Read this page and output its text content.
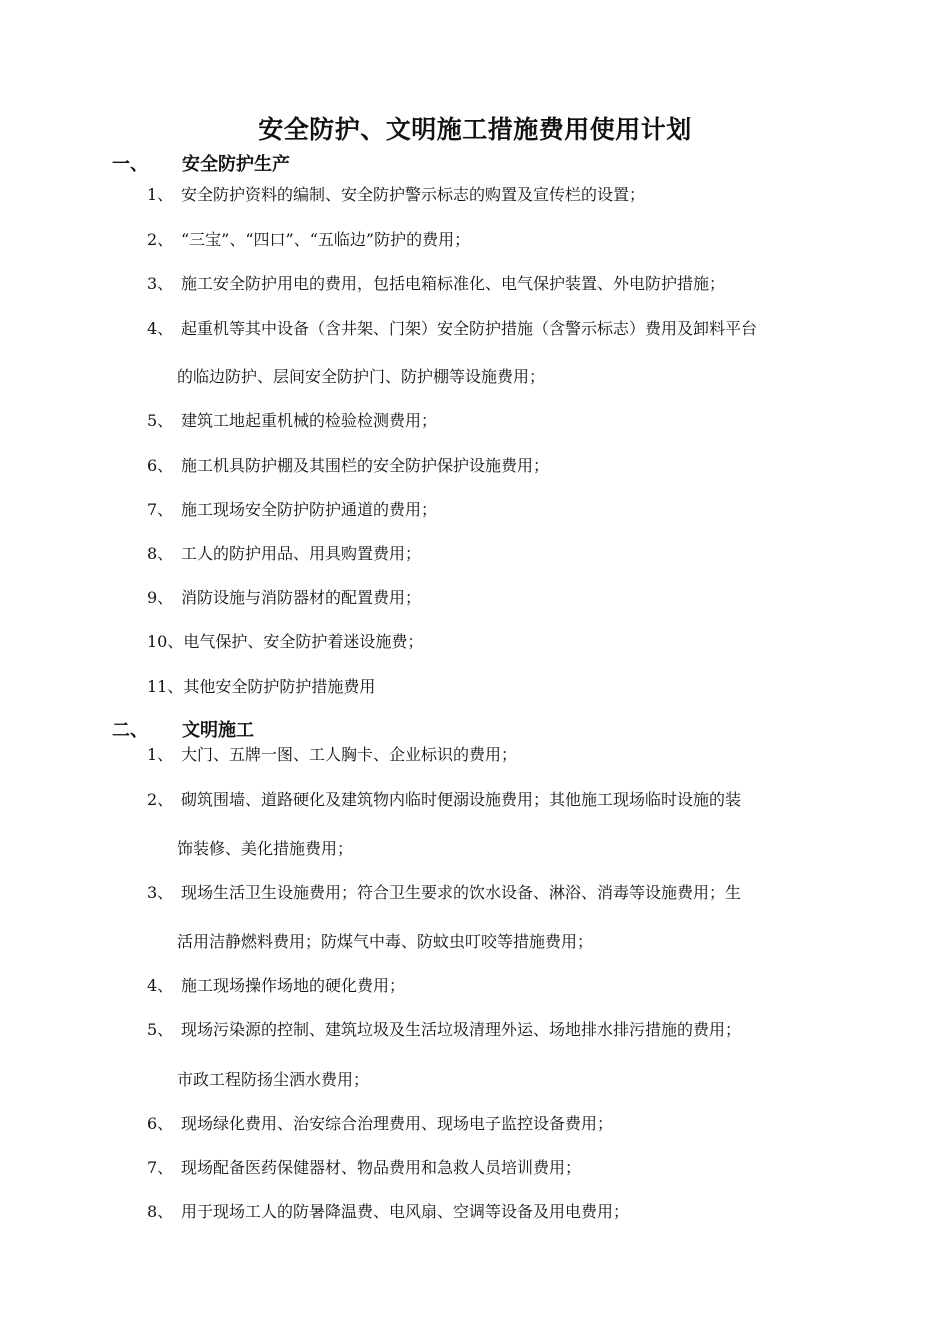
安全防护、文明施工措施费用使用计划
一、 安全防护生产
1、 安全防护资料的编制、安全防护警示标志的购置及宣传栏的设置；
2、 “三宝”、“四口”、“五临边”防护的费用；
3、 施工安全防护用电的费用，包括电箱标准化、电气保护装置、外电防护措施；
4、 起重机等其中设备（含井架、门架）安全防护措施（含警示标志）费用及卸料平台
的临边防护、层间安全防护门、防护棚等设施费用；
5、 建筑工地起重机械的检验检测费用；
6、 施工机具防护棚及其围栏的安全防护保护设施费用；
7、 施工现场安全防护防护通道的费用；
8、 工人的防护用品、用具购置费用；
9、 消防设施与消防器材的配置费用；
10、电气保护、安全防护着迷设施费；
11、其他安全防护防护措施费用
二、 文明施工
1、 大门、五牌一图、工人胸卡、企业标识的费用；
2、 砌筑围墙、道路硬化及建筑物内临时便溺设施费用；其他施工现场临时设施的装
饰装修、美化措施费用；
3、 现场生活卫生设施费用；符合卫生要求的饮水设备、淋浴、消毒等设施费用；生
活用洁静燃料费用；防煤气中毒、防蚊虫叮咬等措施费用；
4、 施工现场操作场地的硬化费用；
5、 现场污染源的控制、建筑垃圾及生活垃圾清理外运、场地排水排污措施的费用；
市政工程防扬尘洒水费用；
6、 现场绿化费用、治安综合治理费用、现场电子监控设备费用；
7、 现场配备医药保健器材、物品费用和急救人员培训费用；
8、 用于现场工人的防暑降温费、电风扇、空调等设备及用电费用；
